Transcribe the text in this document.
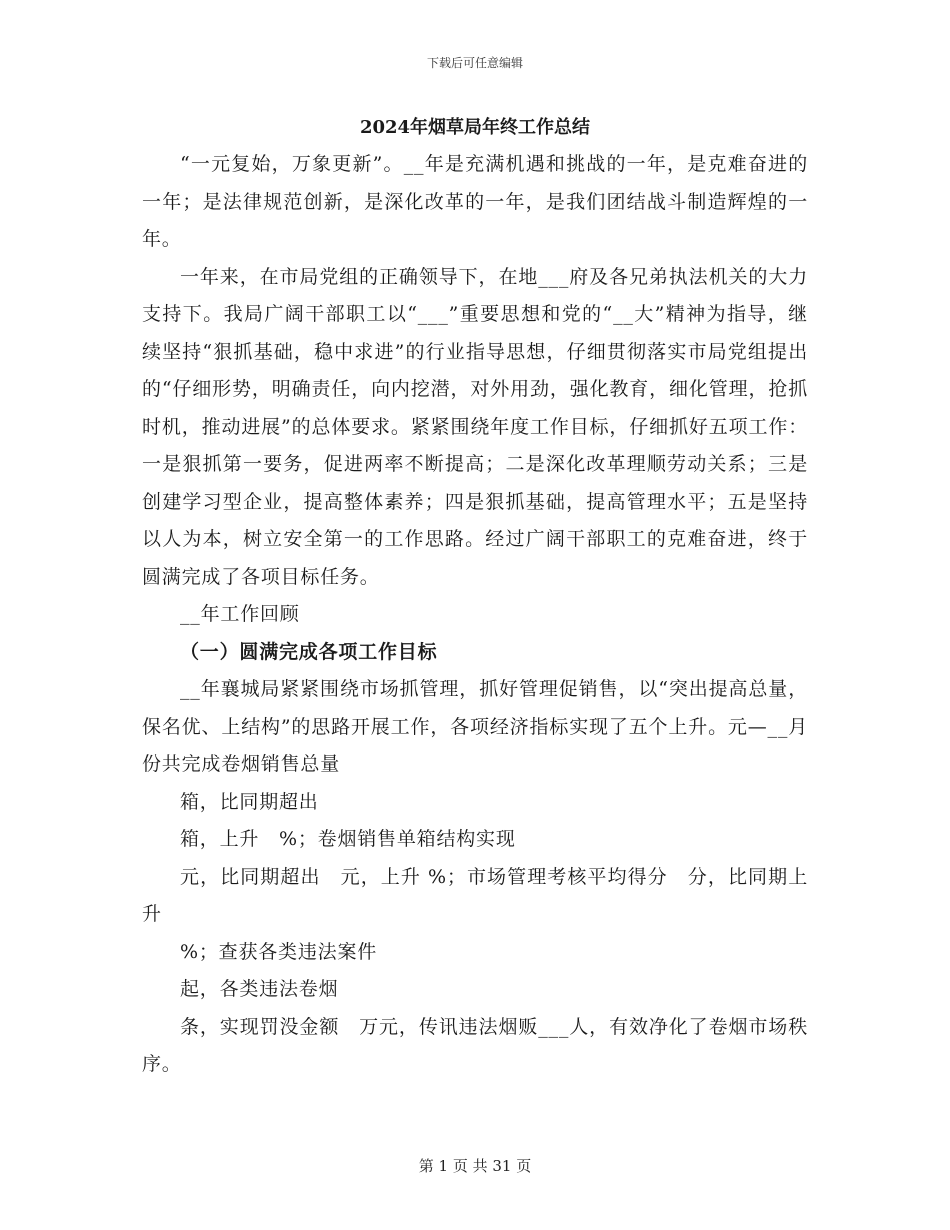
下载后可任意编辑
2024年烟草局年终工作总结

“一元复始，万象更新”。__年是充满机遇和挑战的一年，是克难奋进的一年；是法律规范创新，是深化改革的一年，是我们团结战斗制造辉煌的一年。

一年来，在市局党组的正确领导下，在地___府及各兄弟执法机关的大力支持下。我局广阔干部职工以“___”重要思想和党的“__大”精神为指导，继续坚持“狠抓基础，稳中求进”的行业指导思想，仔细贯彻落实市局党组提出的“仔细形势，明确责任，向内挖潜，对外用劲，强化教育，细化管理，抢抓时机，推动进展”的总体要求。紧紧围绕年度工作目标，仔细抓好五项工作：一是狠抓第一要务，促进两率不断提高；二是深化改革理顺劳动关系；三是创建学习型企业，提高整体素养；四是狠抓基础，提高管理水平；五是坚持以人为本，树立安全第一的工作思路。经过广阔干部职工的克难奋进，终于圆满完成了各项目标任务。

__年工作回顾

（一）圆满完成各项工作目标

__年襄城局紧紧围绕市场抓管理，抓好管理促销售，以“突出提高总量，保名优、上结构”的思路开展工作，各项经济指标实现了五个上升。元—__月份共完成卷烟销售总量

箱，比同期超出

箱，上升　%；卷烟销售单箱结构实现

元，比同期超出　元，上升 %；市场管理考核平均得分　分，比同期上升

%；查获各类违法案件

起，各类违法卷烟

条，实现罚没金额　万元，传讯违法烟贩___人，有效净化了卷烟市场秩序。

第 1 页 共 31 页
